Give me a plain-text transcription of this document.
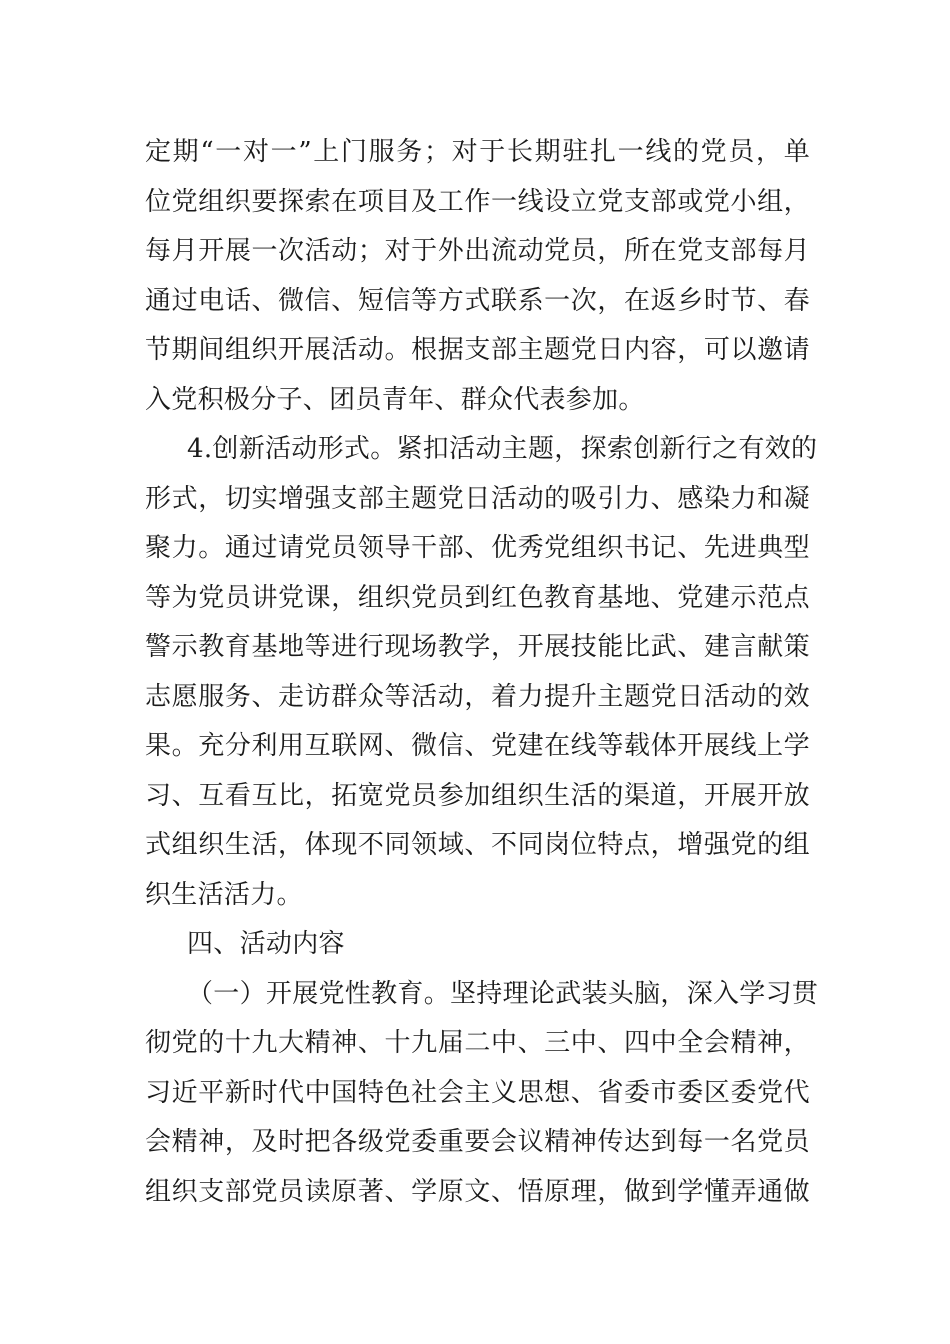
定期“一对一”上门服务；对于长期驻扎一线的党员，单
位党组织要探索在项目及工作一线设立党支部或党小组，
每月开展一次活动；对于外出流动党员，所在党支部每月
通过电话、微信、短信等方式联系一次，在返乡时节、春
节期间组织开展活动。根据支部主题党日内容，可以邀请
入党积极分子、团员青年、群众代表参加。
4.创新活动形式。紧扣活动主题，探索创新行之有效的
形式，切实增强支部主题党日活动的吸引力、感染力和凝
聚力。通过请党员领导干部、优秀党组织书记、先进典型
等为党员讲党课，组织党员到红色教育基地、党建示范点
警示教育基地等进行现场教学，开展技能比武、建言献策
志愿服务、走访群众等活动，着力提升主题党日活动的效
果。充分利用互联网、微信、党建在线等载体开展线上学
习、互看互比，拓宽党员参加组织生活的渠道，开展开放
式组织生活，体现不同领域、不同岗位特点，增强党的组
织生活活力。
四、活动内容
（一）开展党性教育。坚持理论武装头脑，深入学习贯
彻党的十九大精神、十九届二中、三中、四中全会精神，
习近平新时代中国特色社会主义思想、省委市委区委党代
会精神，及时把各级党委重要会议精神传达到每一名党员
组织支部党员读原著、学原文、悟原理，做到学懂弄通做
